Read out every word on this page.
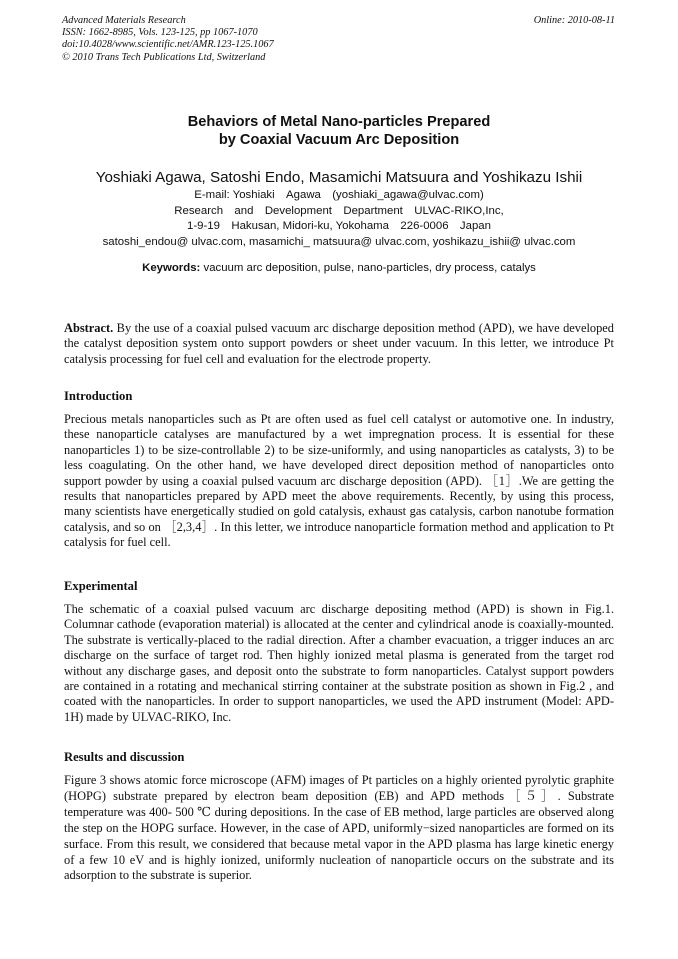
Advanced Materials Research
ISSN: 1662-8985, Vols. 123-125, pp 1067-1070
doi:10.4028/www.scientific.net/AMR.123-125.1067
© 2010 Trans Tech Publications Ltd, Switzerland
Online: 2010-08-11
Behaviors of Metal Nano-particles Prepared
by Coaxial Vacuum Arc Deposition
Yoshiaki Agawa, Satoshi Endo, Masamichi Matsuura and Yoshikazu Ishii
E-mail: Yoshiaki　Agawa　(yoshiaki_agawa@ulvac.com)
Research　and　Development　Department　ULVAC-RIKO,Inc,
1-9-19　Hakusan, Midori-ku, Yokohama　226-0006　Japan
satoshi_endou@ ulvac.com, masamichi_ matsuura@ ulvac.com, yoshikazu_ishii@ ulvac.com
Keywords: vacuum arc deposition, pulse, nano-particles, dry process, catalys

Abstract. By the use of a coaxial pulsed vacuum arc discharge deposition method (APD), we have developed the catalyst deposition system onto support powders or sheet under vacuum. In this letter, we introduce Pt catalysis processing for fuel cell and evaluation for the electrode property.

Introduction

Precious metals nanoparticles such as Pt are often used as fuel cell catalyst or automotive one. In industry, these nanoparticle catalyses are manufactured by a wet impregnation process. It is essential for these nanoparticles 1) to be size-controllable 2) to be size-uniformly, and using nanoparticles as catalysts, 3) to be less coagulating. On the other hand, we have developed direct deposition method of nanoparticles onto support powder by using a coaxial pulsed vacuum arc discharge deposition (APD). ［1］.We are getting the results that nanoparticles prepared by APD meet the above requirements. Recently, by using this process, many scientists have energetically studied on gold catalysis, exhaust gas catalysis, carbon nanotube formation catalysis, and so on ［2,3,4］. In this letter, we introduce nanoparticle formation method and application to Pt catalysis for fuel cell.

Experimental

The schematic of a coaxial pulsed vacuum arc discharge depositing method (APD) is shown in Fig.1. Columnar cathode (evaporation material) is allocated at the center and cylindrical anode is coaxially-mounted. The substrate is vertically-placed to the radial direction. After a chamber evacuation, a trigger induces an arc discharge on the surface of target rod. Then highly ionized metal plasma is generated from the target rod without any discharge gases, and deposit onto the substrate to form nanoparticles. Catalyst support powders are contained in a rotating and mechanical stirring container at the substrate position as shown in Fig.2 , and coated with the nanoparticles. In order to support nanoparticles, we used the APD instrument (Model: APD-1H) made by ULVAC-RIKO, Inc.

Results and discussion

Figure 3 shows atomic force microscope (AFM) images of Pt particles on a highly oriented pyrolytic graphite (HOPG) substrate prepared by electron beam deposition (EB) and APD methods［５］. Substrate temperature was 400- 500 ℃ during depositions. In the case of EB method, large particles are observed along the step on the HOPG surface. However, in the case of APD, uniformly−sized nanoparticles are formed on its surface. From this result, we considered that because metal vapor in the APD plasma has large kinetic energy of a few 10 eV and is highly ionized, uniformly nucleation of nanoparticle occurs on the substrate and its adsorption to the substrate is superior.
